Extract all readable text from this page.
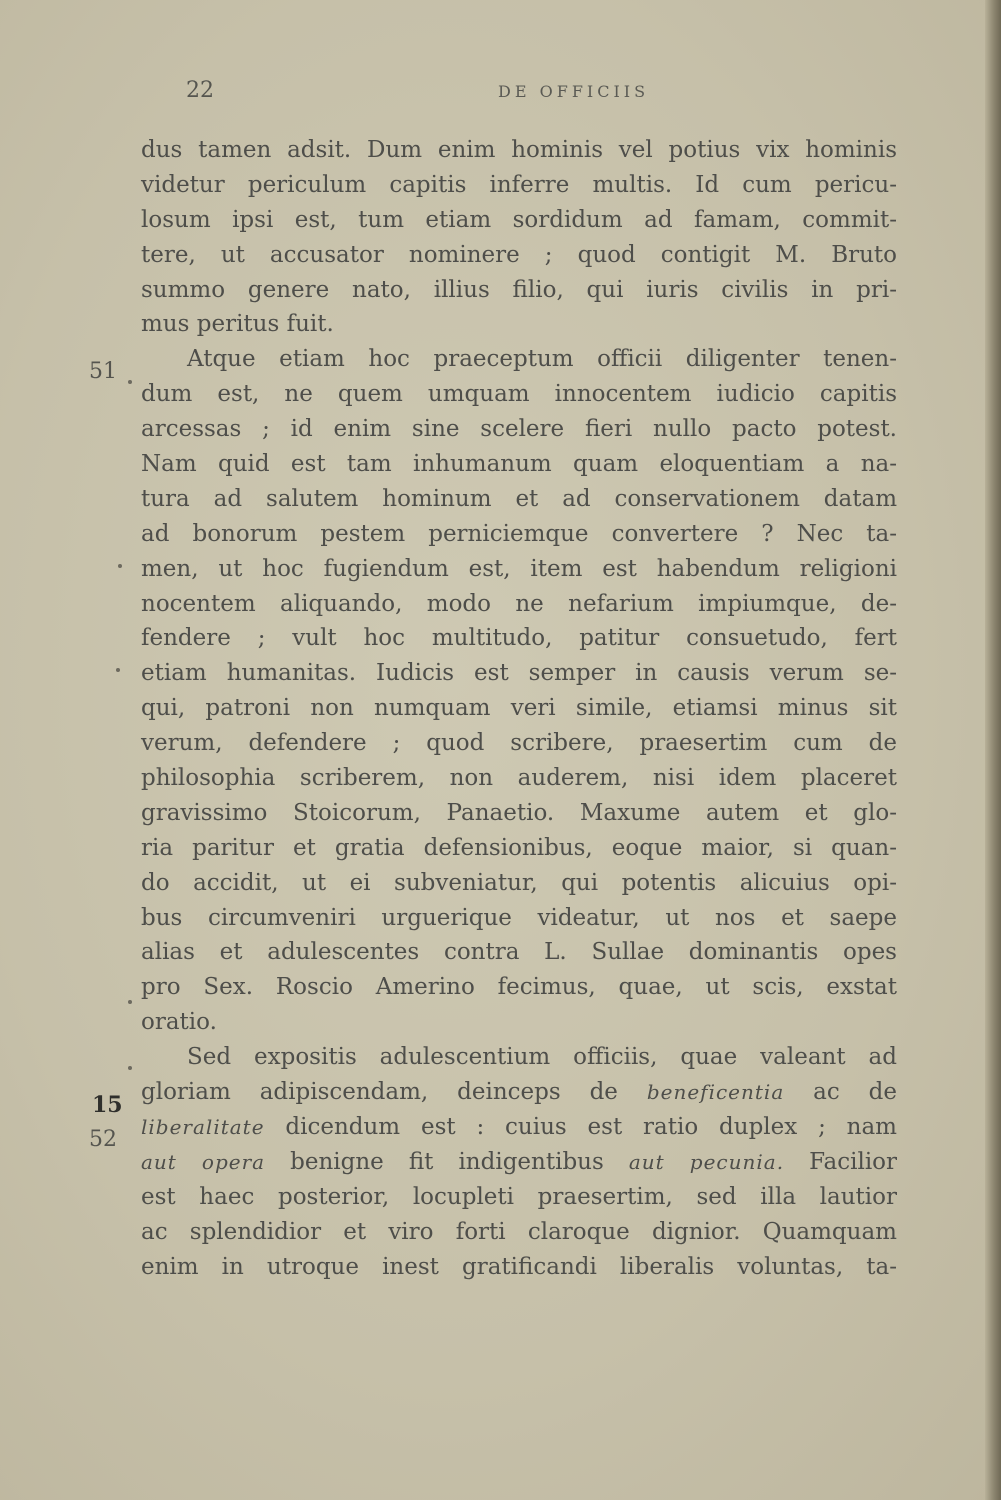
22	DE OFFICIIS
51
15
52
dus tamen adsit. Dum enim hominis vel potius vix hominis
videtur periculum capitis inferre multis. Id cum pericu-
losum ipsi est, tum etiam sordidum ad famam, commit-
tere, ut accusator nominere ; quod contigit M. Bruto
summo genere nato, illius filio, qui iuris civilis in pri-
mus peritus fuit.
Atque etiam hoc praeceptum officii diligenter tenen-
dum est, ne quem umquam innocentem iudicio capitis
arcessas ; id enim sine scelere fieri nullo pacto potest.
Nam quid est tam inhumanum quam eloquentiam a na-
tura ad salutem hominum et ad conservationem datam
ad bonorum pestem perniciemque convertere ? Nec ta-
men, ut hoc fugiendum est, item est habendum religioni
nocentem aliquando, modo ne nefarium impiumque, de-
fendere ; vult hoc multitudo, patitur consuetudo, fert
etiam humanitas. Iudicis est semper in causis verum se-
qui, patroni non numquam veri simile, etiamsi minus sit
verum, defendere ; quod scribere, praesertim cum de
philosophia scriberem, non auderem, nisi idem placeret
gravissimo Stoicorum, Panaetio. Maxume autem et glo-
ria paritur et gratia defensionibus, eoque maior, si quan-
do accidit, ut ei subveniatur, qui potentis alicuius opi-
bus circumveniri urguerique videatur, ut nos et saepe
alias et adulescentes contra L. Sullae dominantis opes
pro Sex. Roscio Amerino fecimus, quae, ut scis, exstat
oratio.
Sed expositis adulescentium officiis, quae valeant ad
gloriam adipiscendam, deinceps de beneficentia ac de
liberalitate dicendum est : cuius est ratio duplex ; nam
aut opera benigne fit indigentibus aut pecunia. Facilior
est haec posterior, locupleti praesertim, sed illa lautior
ac splendidior et viro forti claroque dignior. Quamquam
enim in utroque inest gratificandi liberalis voluntas, ta-
